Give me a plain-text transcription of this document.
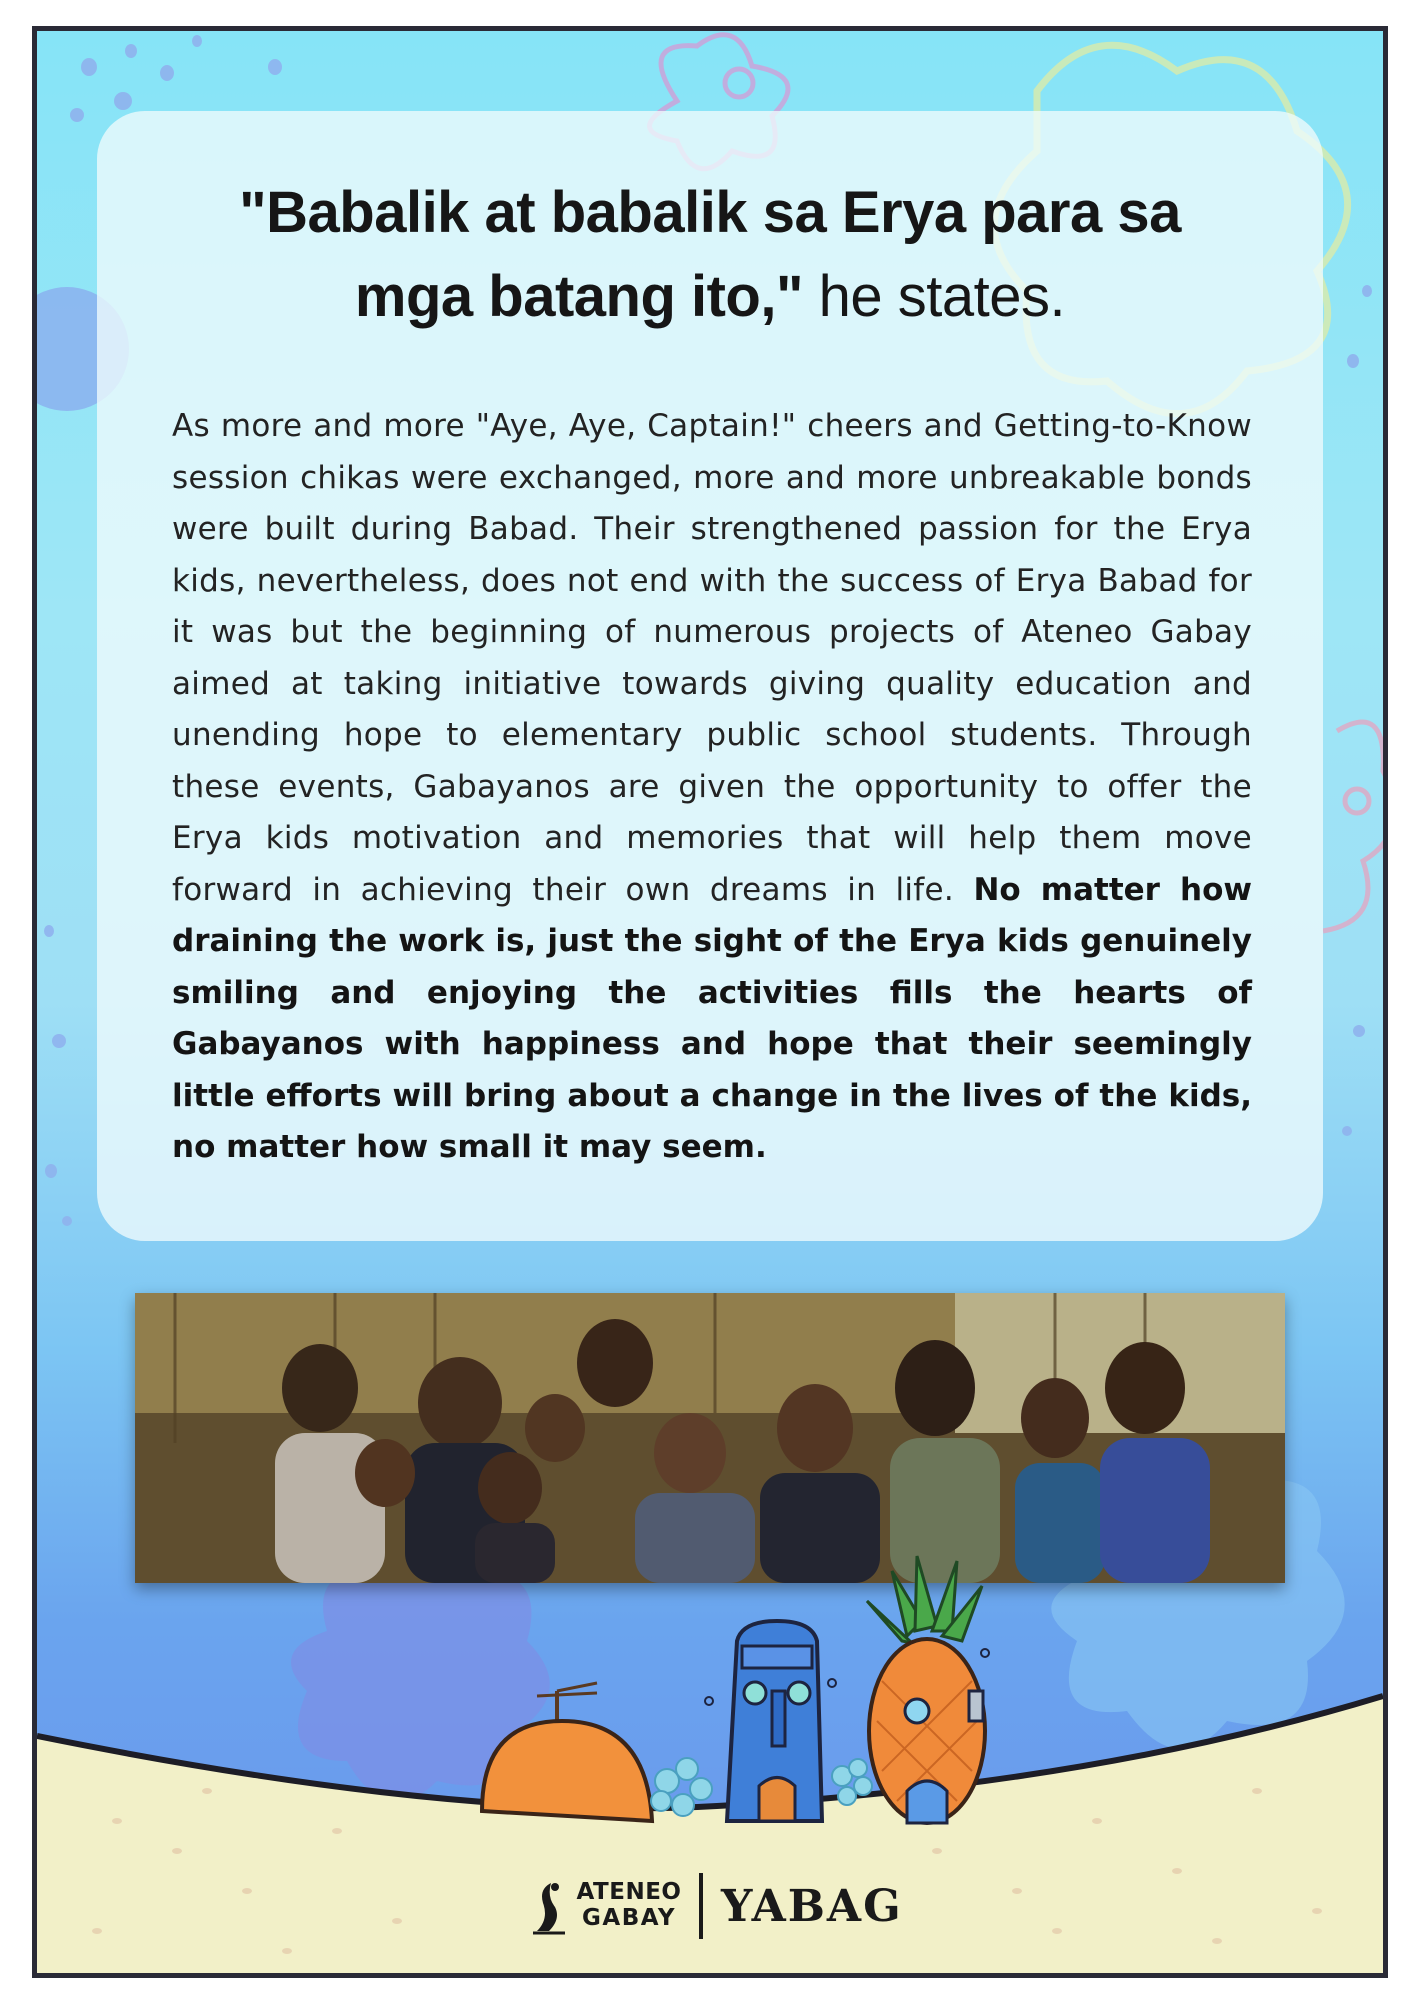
"Babalik at babalik sa Erya para sa mga batang ito," he states.
As more and more "Aye, Aye, Captain!" cheers and Getting-to-Know session chikas were exchanged, more and more unbreakable bonds were built during Babad. Their strengthened passion for the Erya kids, nevertheless, does not end with the success of Erya Babad for it was but the beginning of numerous projects of Ateneo Gabay aimed at taking initiative towards giving quality education and unending hope to elementary public school students. Through these events, Gabayanos are given the opportunity to offer the Erya kids motivation and memories that will help them move forward in achieving their own dreams in life. No matter how draining the work is, just the sight of the Erya kids genuinely smiling and enjoying the activities fills the hearts of Gabayanos with happiness and hope that their seemingly little efforts will bring about a change in the lives of the kids, no matter how small it may seem.
ATENEO
GABAY YABAG
